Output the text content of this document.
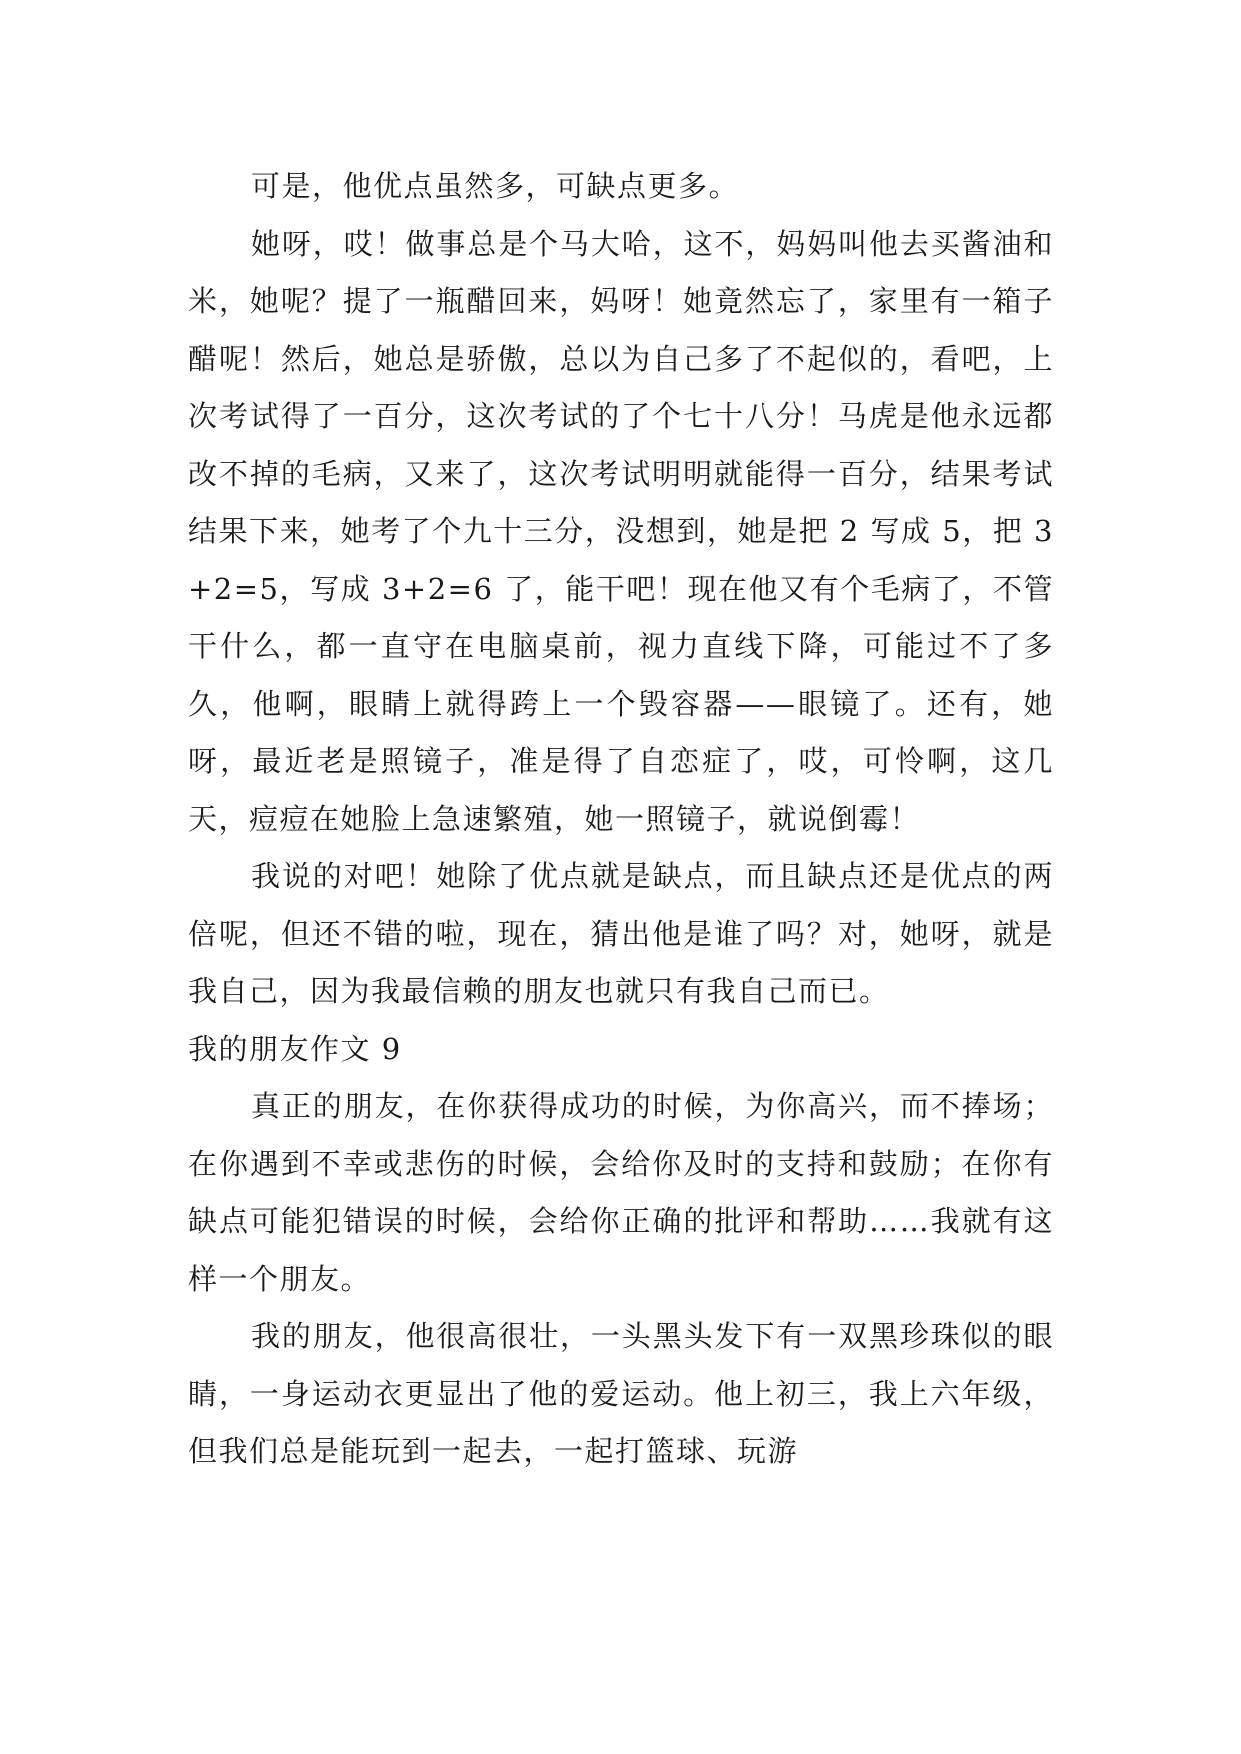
可是，他优点虽然多，可缺点更多。

她呀，哎！做事总是个马大哈，这不，妈妈叫他去买酱油和米，她呢？提了一瓶醋回来，妈呀！她竟然忘了，家里有一箱子醋呢！然后，她总是骄傲，总以为自己多了不起似的，看吧，上次考试得了一百分，这次考试的了个七十八分！马虎是他永远都改不掉的毛病，又来了，这次考试明明就能得一百分，结果考试结果下来，她考了个九十三分，没想到，她是把 2 写成 5，把 3+2=5，写成 3+2=6 了，能干吧！现在他又有个毛病了，不管干什么，都一直守在电脑桌前，视力直线下降，可能过不了多久，他啊，眼睛上就得跨上一个毁容器——眼镜了。还有，她呀，最近老是照镜子，准是得了自恋症了，哎，可怜啊，这几天，痘痘在她脸上急速繁殖，她一照镜子，就说倒霉！

我说的对吧！她除了优点就是缺点，而且缺点还是优点的两倍呢，但还不错的啦，现在，猜出他是谁了吗？对，她呀，就是我自己，因为我最信赖的朋友也就只有我自己而已。

我的朋友作文 9

真正的朋友，在你获得成功的时候，为你高兴，而不捧场；在你遇到不幸或悲伤的时候，会给你及时的支持和鼓励；在你有缺点可能犯错误的时候，会给你正确的批评和帮助……我就有这样一个朋友。

我的朋友，他很高很壮，一头黑头发下有一双黑珍珠似的眼睛，一身运动衣更显出了他的爱运动。他上初三，我上六年级，但我们总是能玩到一起去，一起打篮球、玩游
